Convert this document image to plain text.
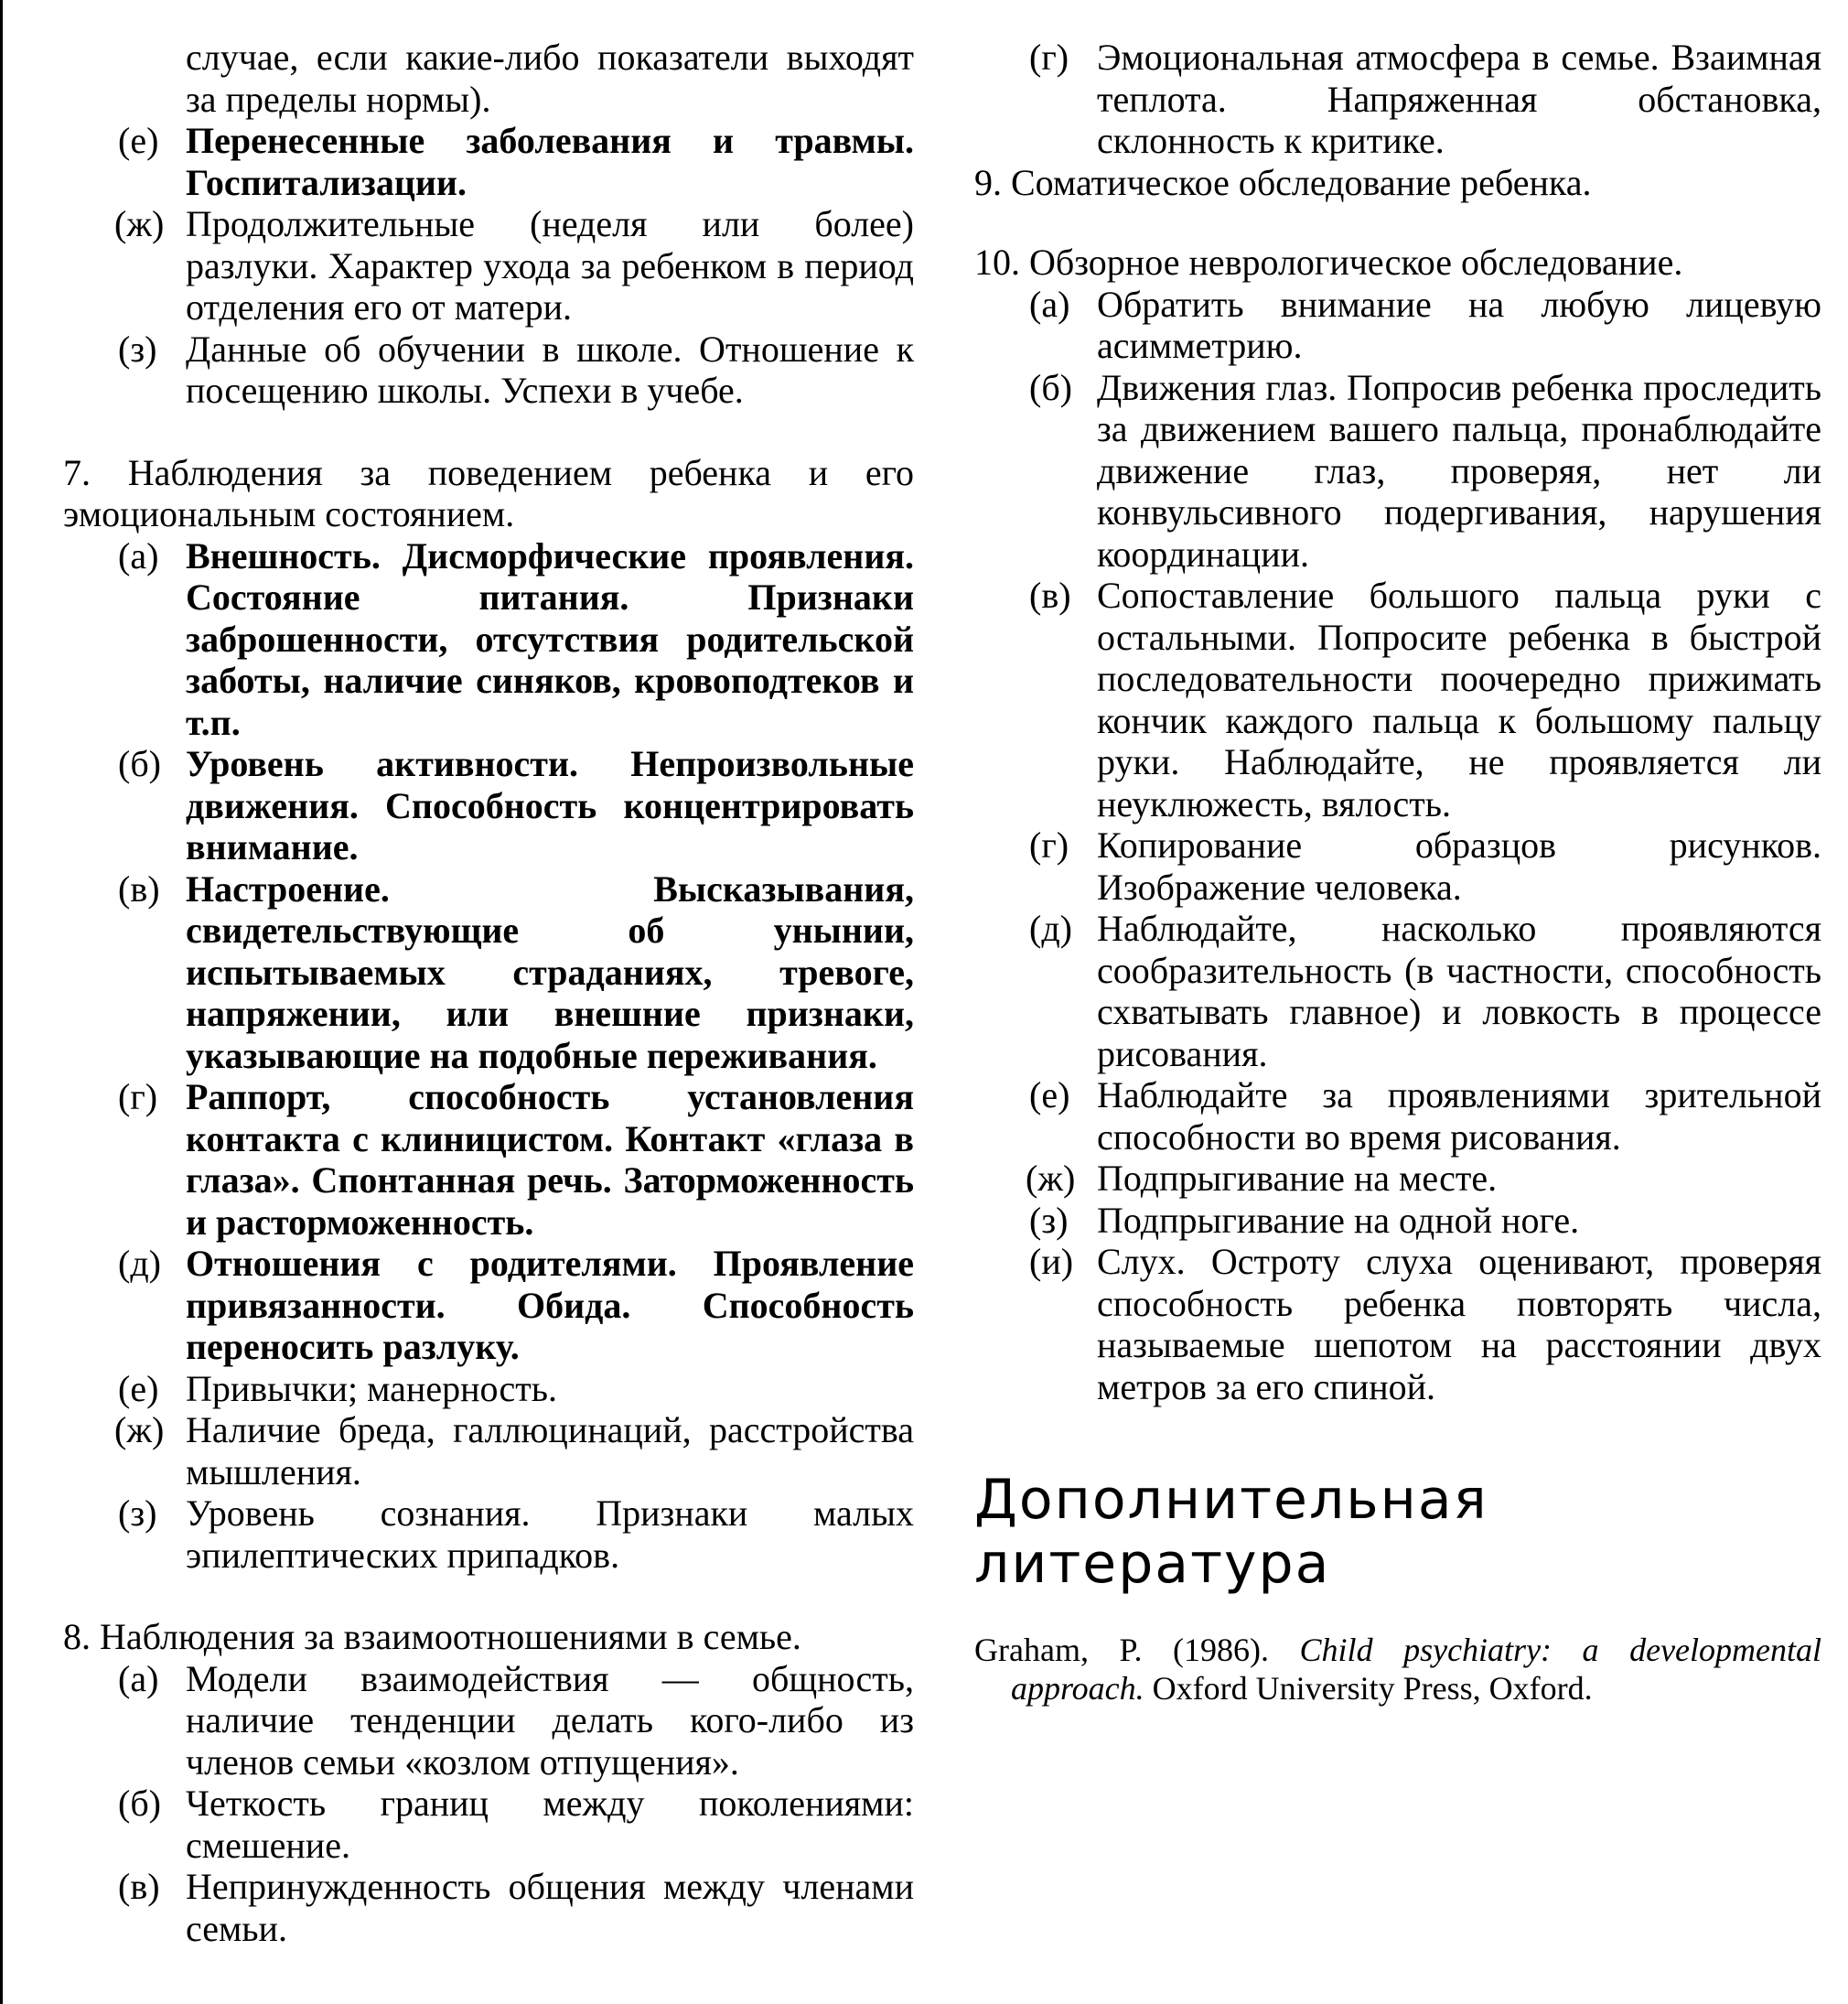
случае, если какие-либо показатели выходят за пределы нормы).
(е) Перенесенные заболевания и травмы. Госпитализации.
(ж) Продолжительные (неделя или более) разлуки. Характер ухода за ребенком в период отделения его от матери.
(з) Данные об обучении в школе. Отношение к посещению школы. Успехи в учебе.
7. Наблюдения за поведением ребенка и его эмоциональным состоянием.
(а) Внешность. Дисморфические проявления. Состояние питания. Признаки заброшенности, отсутствия родительской заботы, наличие синяков, кровоподтеков и т.п.
(б) Уровень активности. Непроизвольные движения. Способность концентрировать внимание.
(в) Настроение. Высказывания, свидетельствующие об унынии, испытываемых страданиях, тревоге, напряжении, или внешние признаки, указывающие на подобные переживания.
(г) Раппорт, способность установления контакта с клиницистом. Контакт «глаза в глаза». Спонтанная речь. Заторможенность и расторможенность.
(д) Отношения с родителями. Проявление привязанности. Обида. Способность переносить разлуку.
(е) Привычки; манерность.
(ж) Наличие бреда, галлюцинаций, расстройства мышления.
(з) Уровень сознания. Признаки малых эпилептических припадков.
8. Наблюдения за взаимоотношениями в семье.
(а) Модели взаимодействия — общность, наличие тенденции делать кого-либо из членов семьи «козлом отпущения».
(б) Четкость границ между поколениями: смешение.
(в) Непринужденность общения между членами семьи.
(г) Эмоциональная атмосфера в семье. Взаимная теплота. Напряженная обстановка, склонность к критике.
9. Соматическое обследование ребенка.
10. Обзорное неврологическое обследование.
(а) Обратить внимание на любую лицевую асимметрию.
(б) Движения глаз. Попросив ребенка проследить за движением вашего пальца, пронаблюдайте движение глаз, проверяя, нет ли конвульсивного подергивания, нарушения координации.
(в) Сопоставление большого пальца руки с остальными. Попросите ребенка в быстрой последовательности поочередно прижимать кончик каждого пальца к большому пальцу руки. Наблюдайте, не проявляется ли неуклюжесть, вялость.
(г) Копирование образцов рисунков. Изображение человека.
(д) Наблюдайте, насколько проявляются сообразительность (в частности, способность схватывать главное) и ловкость в процессе рисования.
(е) Наблюдайте за проявлениями зрительной способности во время рисования.
(ж) Подпрыгивание на месте.
(з) Подпрыгивание на одной ноге.
(и) Слух. Остроту слуха оценивают, проверяя способность ребенка повторять числа, называемые шепотом на расстоянии двух метров за его спиной.
Дополнительная литература
Graham, P. (1986). Child psychiatry: a developmental approach. Oxford University Press, Oxford.
